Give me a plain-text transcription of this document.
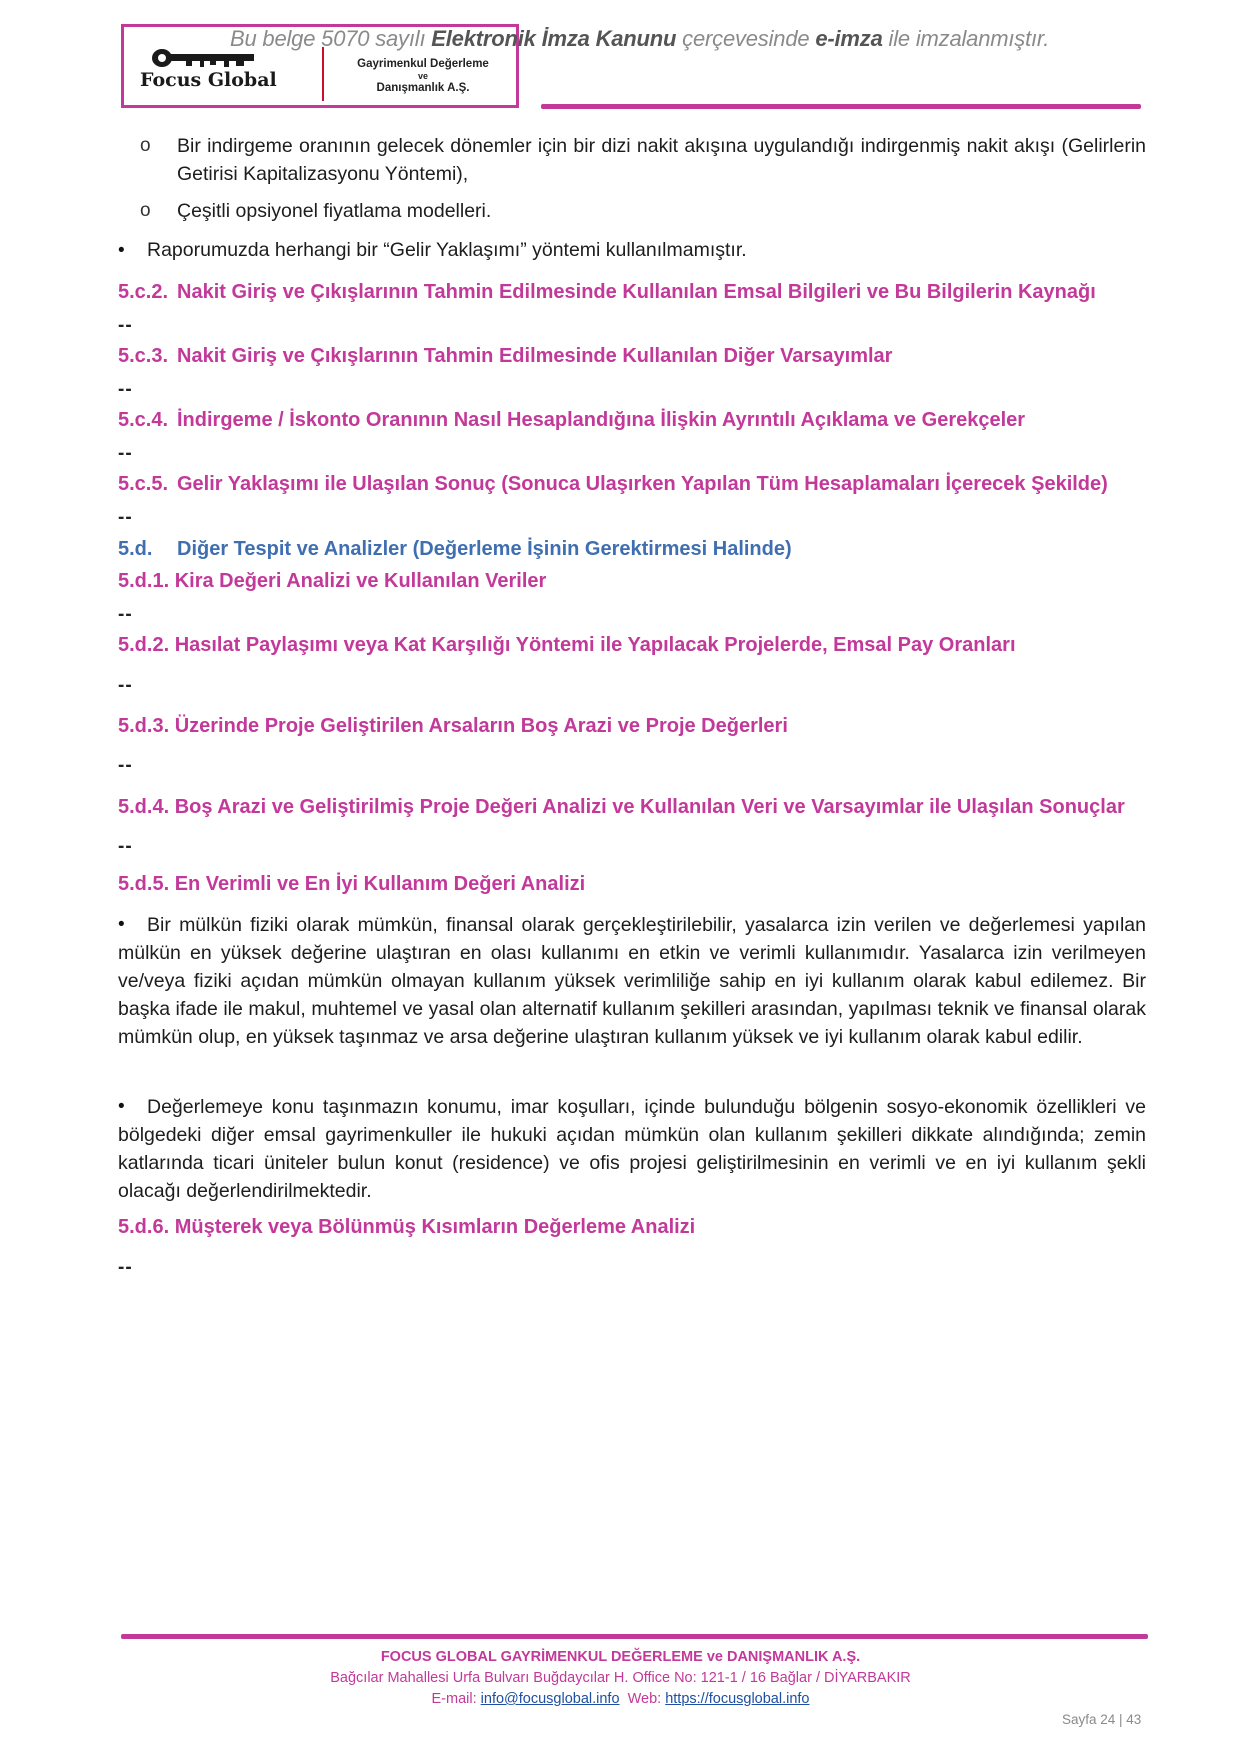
Focus Global
Gayrimenkul Değerleme
ve
Danışmanlık A.Ş.
Bu belge 5070 sayılı Elektronik İmza Kanunu çerçevesinde e-imza ile imzalanmıştır.
o Bir indirgeme oranının gelecek dönemler için bir dizi nakit akışına uygulandığı indirgenmiş nakit akışı (Gelirlerin Getirisi Kapitalizasyonu Yöntemi),
o Çeşitli opsiyonel fiyatlama modelleri.
• Raporumuzda herhangi bir “Gelir Yaklaşımı” yöntemi kullanılmamıştır.
5.c.2. Nakit Giriş ve Çıkışlarının Tahmin Edilmesinde Kullanılan Emsal Bilgileri ve Bu Bilgilerin Kaynağı
--
5.c.3. Nakit Giriş ve Çıkışlarının Tahmin Edilmesinde Kullanılan Diğer Varsayımlar
--
5.c.4. İndirgeme / İskonto Oranının Nasıl Hesaplandığına İlişkin Ayrıntılı Açıklama ve Gerekçeler
--
5.c.5. Gelir Yaklaşımı ile Ulaşılan Sonuç (Sonuca Ulaşırken Yapılan Tüm Hesaplamaları İçerecek Şekilde)
--
5.d. Diğer Tespit ve Analizler (Değerleme İşinin Gerektirmesi Halinde)
5.d.1. Kira Değeri Analizi ve Kullanılan Veriler
--
5.d.2. Hasılat Paylaşımı veya Kat Karşılığı Yöntemi ile Yapılacak Projelerde, Emsal Pay Oranları
--
5.d.3. Üzerinde Proje Geliştirilen Arsaların Boş Arazi ve Proje Değerleri
--
5.d.4. Boş Arazi ve Geliştirilmiş Proje Değeri Analizi ve Kullanılan Veri ve Varsayımlar ile Ulaşılan Sonuçlar
--
5.d.5. En Verimli ve En İyi Kullanım Değeri Analizi
•	Bir mülkün fiziki olarak mümkün, finansal olarak gerçekleştirilebilir, yasalarca izin verilen ve değerlemesi yapılan mülkün en yüksek değerine ulaştıran en olası kullanımı en etkin ve verimli kullanımıdır. Yasalarca izin verilmeyen ve/veya fiziki açıdan mümkün olmayan kullanım yüksek verimliliğe sahip en iyi kullanım olarak kabul edilemez. Bir başka ifade ile makul, muhtemel ve yasal olan alternatif kullanım şekilleri arasından, yapılması teknik ve finansal olarak mümkün olup, en yüksek taşınmaz ve arsa değerine ulaştıran kullanım yüksek ve iyi kullanım olarak kabul edilir.
•	Değerlemeye konu taşınmazın konumu, imar koşulları, içinde bulunduğu bölgenin sosyo-ekonomik özellikleri ve bölgedeki diğer emsal gayrimenkuller ile hukuki açıdan mümkün olan kullanım şekilleri dikkate alındığında; zemin katlarında ticari üniteler bulun konut (residence) ve ofis projesi geliştirilmesinin en verimli ve en iyi kullanım şekli olacağı değerlendirilmektedir.
5.d.6. Müşterek veya Bölünmüş Kısımların Değerleme Analizi
--
FOCUS GLOBAL GAYRİMENKUL DEĞERLEME ve DANIŞMANLIK A.Ş.
Bağcılar Mahallesi Urfa Bulvarı Buğdaycılar H. Office No: 121-1 / 16 Bağlar / DİYARBAKIR
E-mail: info@focusglobal.info Web: https://focusglobal.info
Sayfa 24 | 43
